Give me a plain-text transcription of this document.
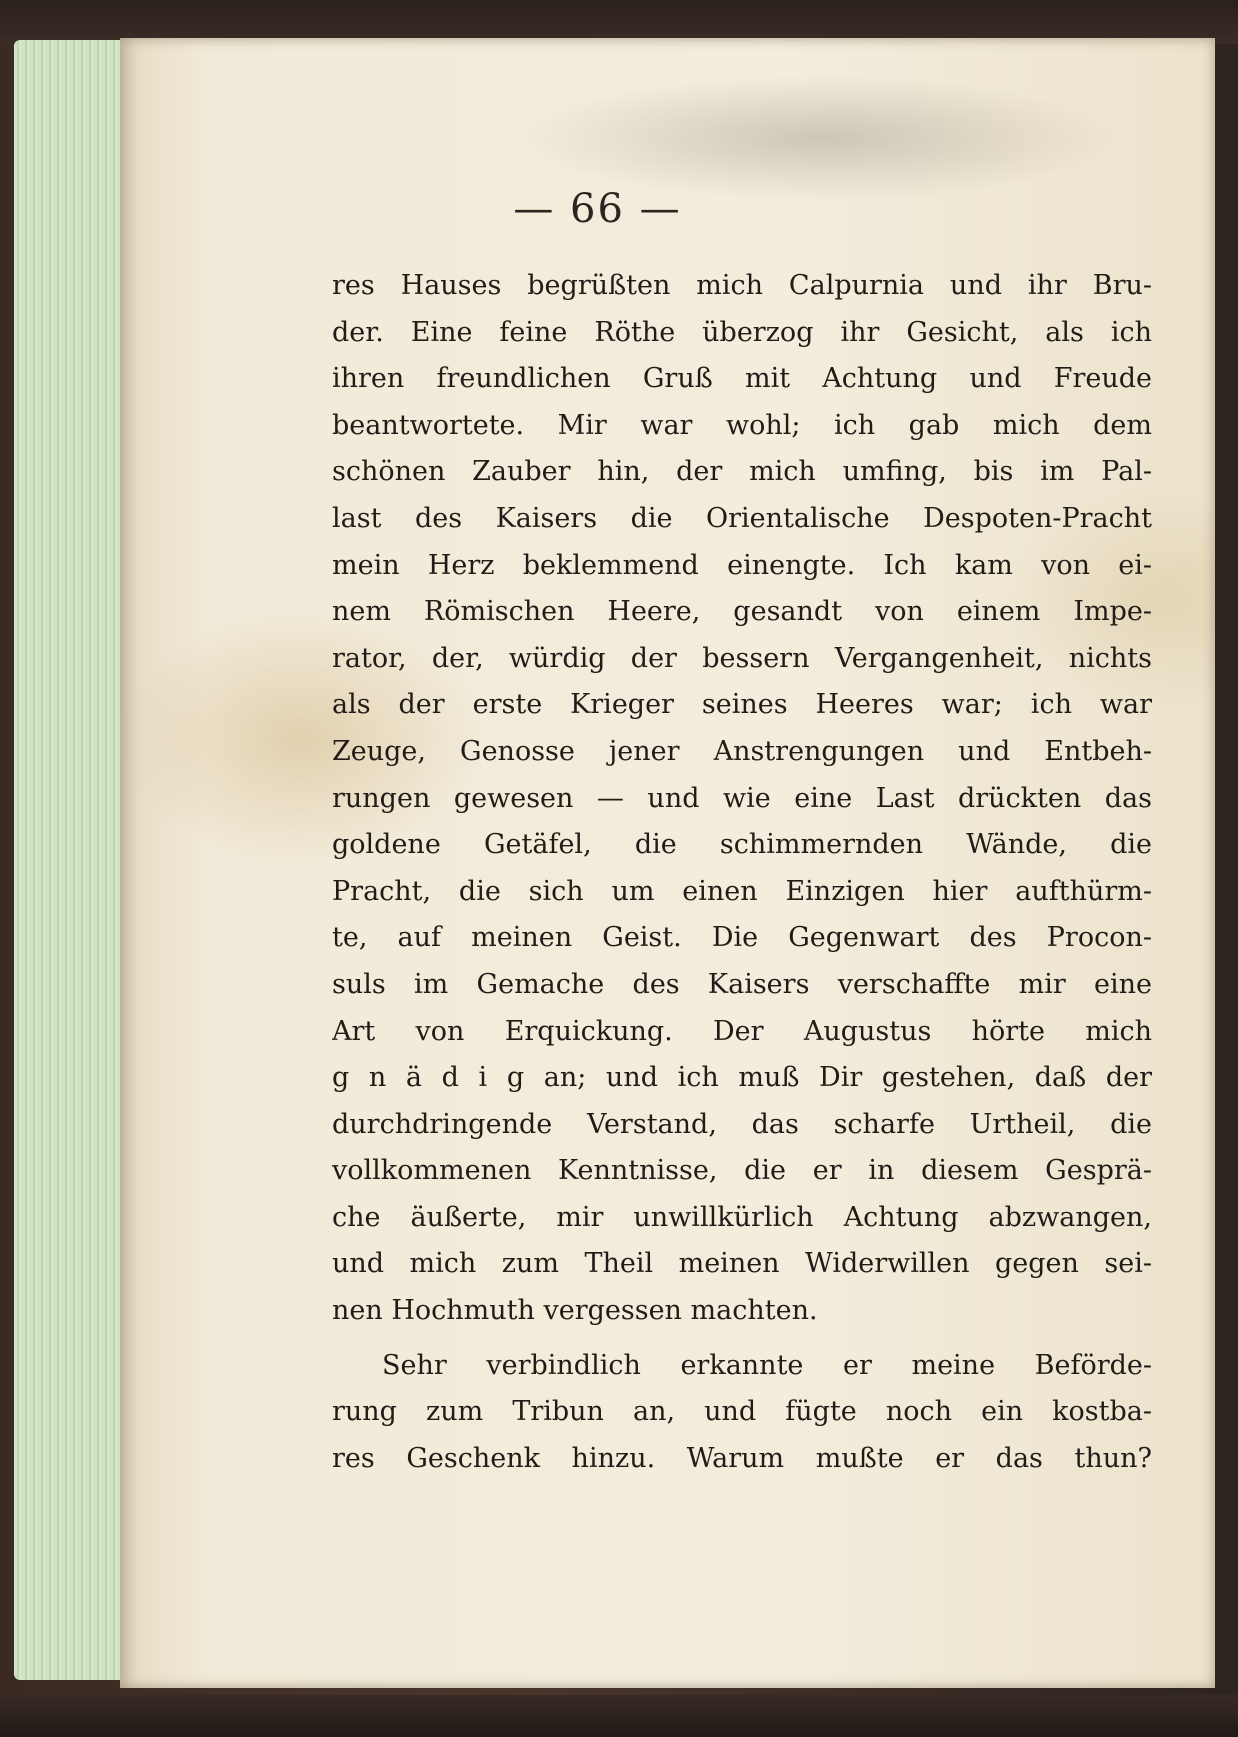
— 66 —
res Hauses begrüßten mich Calpurnia und ihr Bru-
der. Eine feine Röthe überzog ihr Gesicht, als ich
ihren freundlichen Gruß mit Achtung und Freude
beantwortete. Mir war wohl; ich gab mich dem
schönen Zauber hin, der mich umfing, bis im Pal-
last des Kaisers die Orientalische Despoten-Pracht
mein Herz beklemmend einengte. Ich kam von ei-
nem Römischen Heere, gesandt von einem Impe-
rator, der, würdig der bessern Vergangenheit, nichts
als der erste Krieger seines Heeres war; ich war
Zeuge, Genosse jener Anstrengungen und Entbeh-
rungen gewesen — und wie eine Last drückten das
goldene Getäfel, die schimmernden Wände, die
Pracht, die sich um einen Einzigen hier aufthürm-
te, auf meinen Geist. Die Gegenwart des Procon-
suls im Gemache des Kaisers verschaffte mir eine
Art von Erquickung. Der Augustus hörte mich
g n ä d i g an; und ich muß Dir gestehen, daß der
durchdringende Verstand, das scharfe Urtheil, die
vollkommenen Kenntnisse, die er in diesem Gesprä-
che äußerte, mir unwillkürlich Achtung abzwangen,
und mich zum Theil meinen Widerwillen gegen sei-
nen Hochmuth vergessen machten.
Sehr verbindlich erkannte er meine Beförde-
rung zum Tribun an, und fügte noch ein kostba-
res Geschenk hinzu. Warum mußte er das thun?
